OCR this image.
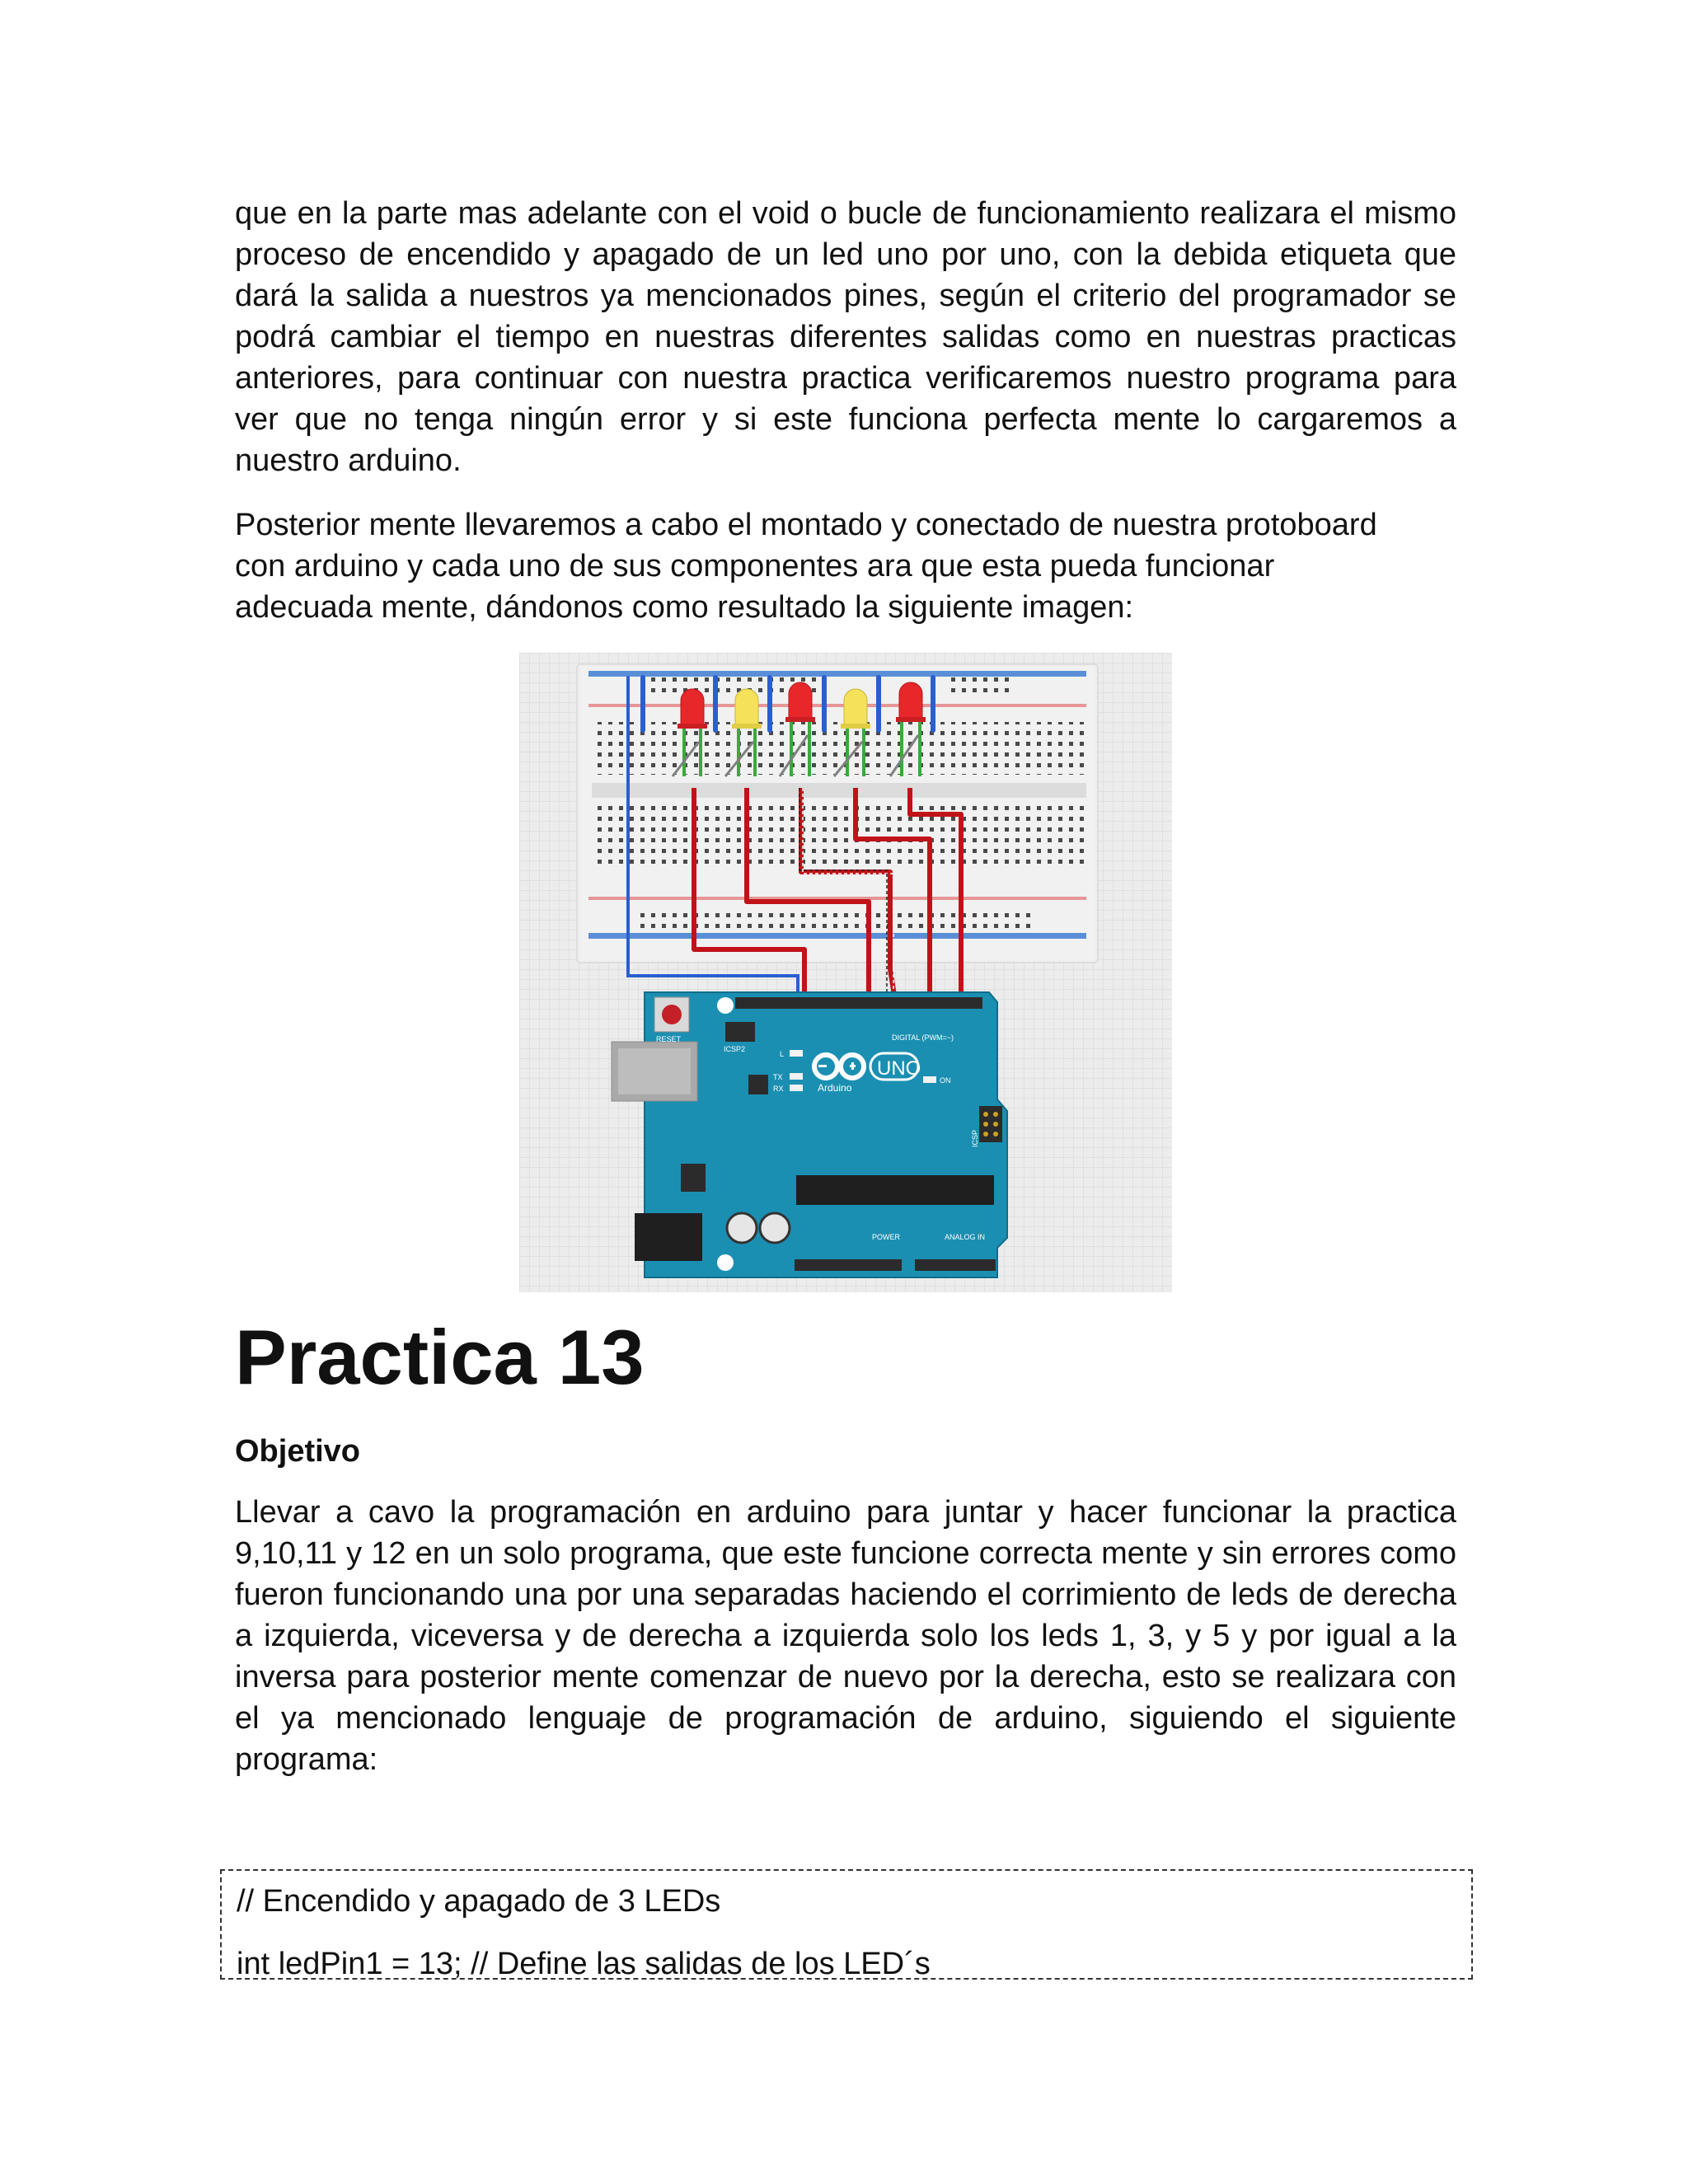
que en la parte mas adelante con el void o bucle de funcionamiento realizara el mismo proceso de encendido y apagado de un led uno por uno, con la debida etiqueta que dará la salida a nuestros ya mencionados pines, según el criterio del programador se podrá cambiar el tiempo en nuestras diferentes salidas como en nuestras practicas anteriores, para continuar con nuestra practica verificaremos nuestro programa para ver que no tenga ningún error y si este funciona perfecta mente lo cargaremos a nuestro arduino.

Posterior mente llevaremos a cabo el montado y conectado de nuestra protoboard
con arduino y cada uno de sus componentes ara que esta pueda funcionar
adecuada mente, dándonos como resultado la siguiente imagen:

RESET	DIGITAL (PWM=~)
ICSP2
UNO
Arduino
L
TX
RX
ON
ICSP
POWER	ANALOG IN
Practica 13
Objetivo

Llevar a cavo la programación en arduino para juntar y hacer funcionar la practica 9,10,11 y 12 en un solo programa, que este funcione correcta mente y sin errores como fueron funcionando una por una separadas haciendo el corrimiento de leds de derecha a izquierda, viceversa y de derecha a izquierda solo los leds 1, 3, y 5 y por igual a la inversa para posterior mente comenzar de nuevo por la derecha, esto se realizara con el ya mencionado lenguaje de programación de arduino, siguiendo el siguiente programa:

// Encendido y apagado de 3 LEDs

int ledPin1 = 13; // Define las salidas de los LED´s
